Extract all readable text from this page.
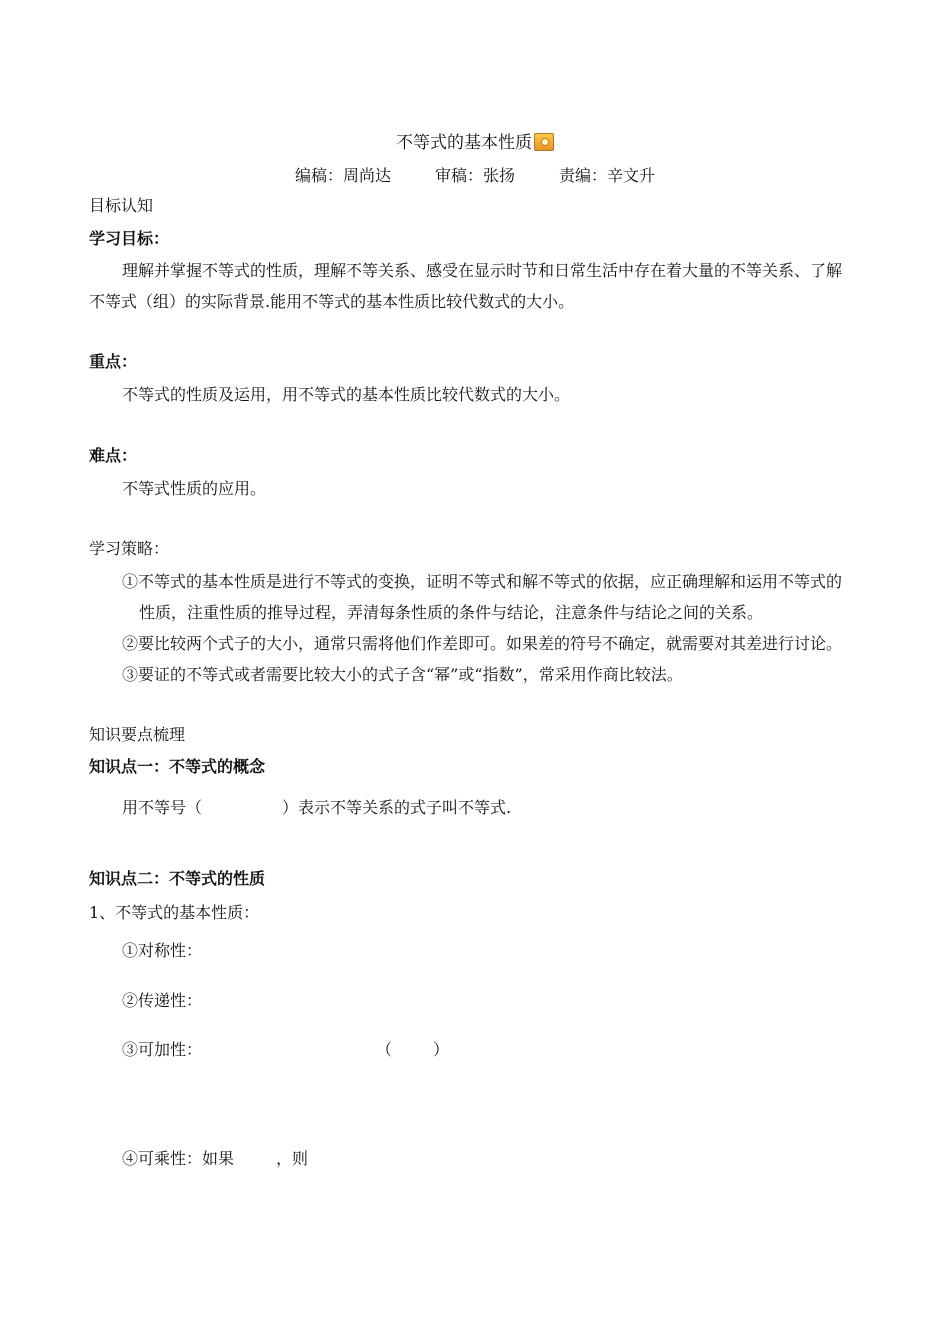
不等式的基本性质
编稿：周尚达	审稿：张扬	责编：辛文升
目标认知
学习目标：
理解并掌握不等式的性质，理解不等关系、感受在显示时节和日常生活中存在着大量的不等关系、了解
不等式（组）的实际背景.能用不等式的基本性质比较代数式的大小。
重点：
不等式的性质及运用，用不等式的基本性质比较代数式的大小。
难点：
不等式性质的应用。
学习策略：
①不等式的基本性质是进行不等式的变换，证明不等式和解不等式的依据，应正确理解和运用不等式的
性质，注重性质的推导过程，弄清每条性质的条件与结论，注意条件与结论之间的关系。
②要比较两个式子的大小，通常只需将他们作差即可。如果差的符号不确定，就需要对其差进行讨论。
③要证的不等式或者需要比较大小的式子含“幂”或“指数”，常采用作商比较法。
知识要点梳理
知识点一：不等式的概念
用不等号（	）表示不等关系的式子叫不等式.
知识点二：不等式的性质
1、不等式的基本性质：
①对称性：
②传递性：
③可加性：	（	）
④可乘性：如果	，则
